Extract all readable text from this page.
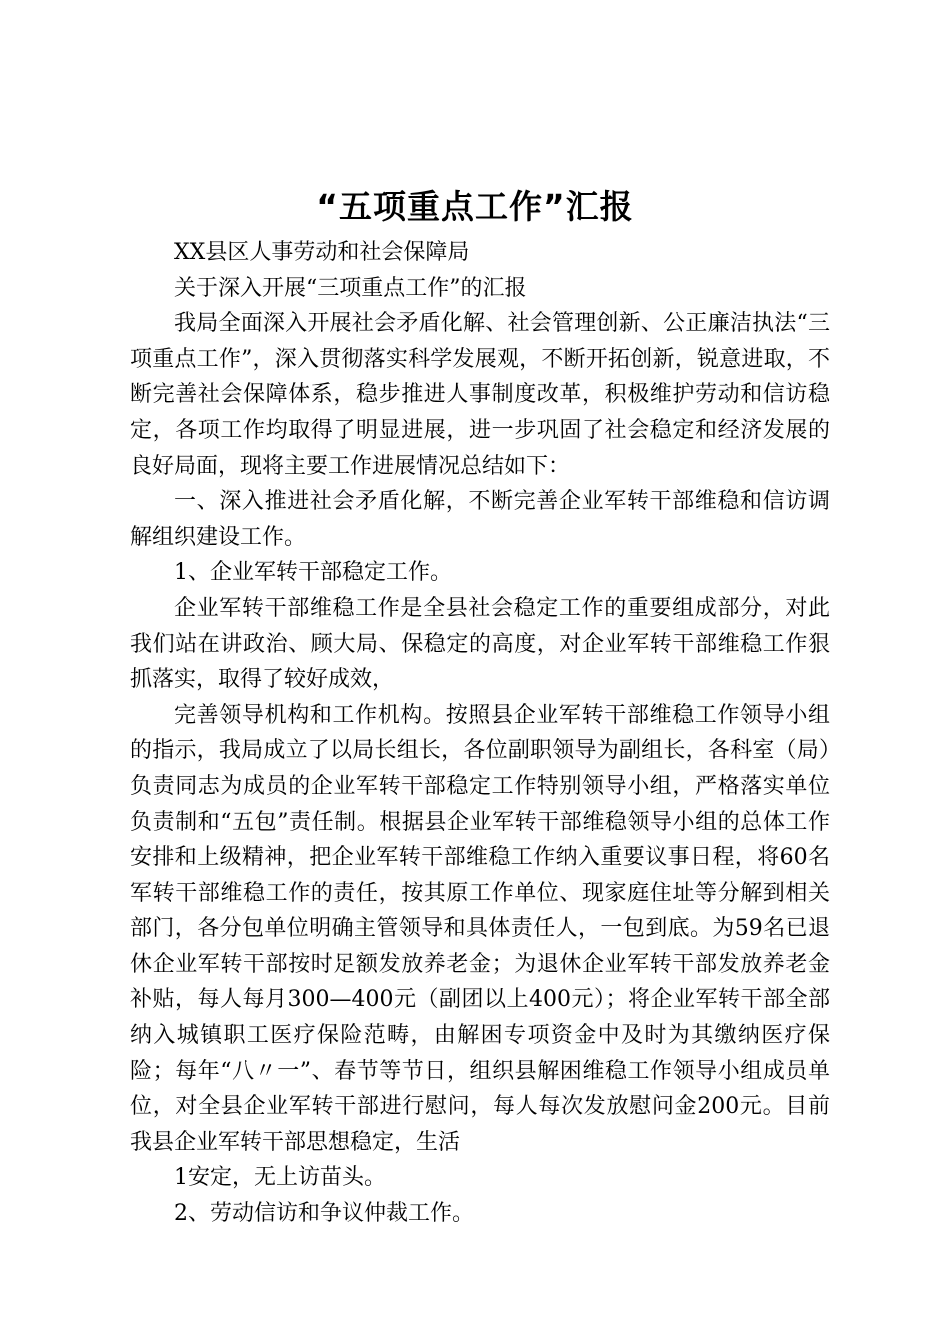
“五项重点工作”汇报

XX县区人事劳动和社会保障局

关于深入开展“三项重点工作”的汇报

我局全面深入开展社会矛盾化解、社会管理创新、公正廉洁执法“三项重点工作”，深入贯彻落实科学发展观，不断开拓创新，锐意进取，不断完善社会保障体系，稳步推进人事制度改革，积极维护劳动和信访稳定，各项工作均取得了明显进展，进一步巩固了社会稳定和经济发展的良好局面，现将主要工作进展情况总结如下：

一、深入推进社会矛盾化解，不断完善企业军转干部维稳和信访调解组织建设工作。

1、企业军转干部稳定工作。

企业军转干部维稳工作是全县社会稳定工作的重要组成部分，对此我们站在讲政治、顾大局、保稳定的高度，对企业军转干部维稳工作狠抓落实，取得了较好成效，

完善领导机构和工作机构。按照县企业军转干部维稳工作领导小组的指示，我局成立了以局长组长，各位副职领导为副组长，各科室（局）负责同志为成员的企业军转干部稳定工作特别领导小组，严格落实单位负责制和“五包”责任制。根据县企业军转干部维稳领导小组的总体工作安排和上级精神，把企业军转干部维稳工作纳入重要议事日程，将60名军转干部维稳工作的责任，按其原工作单位、现家庭住址等分解到相关部门，各分包单位明确主管领导和具体责任人，一包到底。为59名已退休企业军转干部按时足额发放养老金；为退休企业军转干部发放养老金补贴，每人每月300—400元（副团以上400元）；将企业军转干部全部纳入城镇职工医疗保险范畴，由解困专项资金中及时为其缴纳医疗保险；每年“八〃一”、春节等节日，组织县解困维稳工作领导小组成员单位，对全县企业军转干部进行慰问，每人每次发放慰问金200元。目前我县企业军转干部思想稳定，生活

1安定，无上访苗头。

2、劳动信访和争议仲裁工作。
